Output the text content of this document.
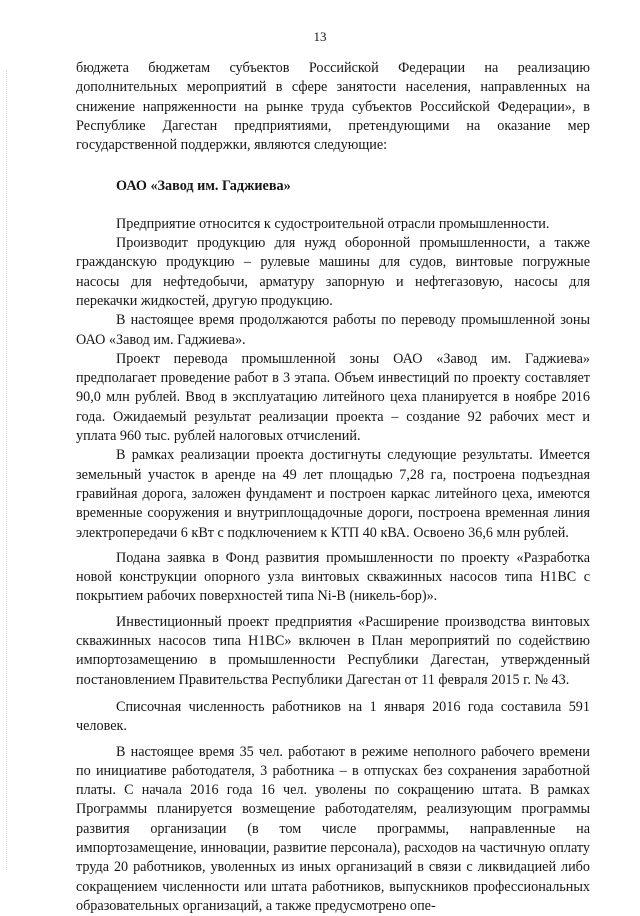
13

бюджета бюджетам субъектов Российской Федерации на реализацию дополнительных мероприятий в сфере занятости населения, направленных на снижение напряженности на рынке труда субъектов Российской Федерации», в Республике Дагестан предприятиями, претендующими на оказание мер государственной поддержки, являются следующие:

ОАО «Завод им. Гаджиева»

Предприятие относится к судостроительной отрасли промышленности.

Производит продукцию для нужд оборонной промышленности, а также гражданскую продукцию – рулевые машины для судов, винтовые погружные насосы для нефтедобычи, арматуру запорную и нефтегазовую, насосы для перекачки жидкостей, другую продукцию.

В настоящее время продолжаются работы по переводу промышленной зоны ОАО «Завод им. Гаджиева».

Проект перевода промышленной зоны ОАО «Завод им. Гаджиева» предполагает проведение работ в 3 этапа. Объем инвестиций по проекту составляет 90,0 млн рублей. Ввод в эксплуатацию литейного цеха планируется в ноябре 2016 года. Ожидаемый результат реализации проекта – создание 92 рабочих мест и уплата 960 тыс. рублей налоговых отчислений.

В рамках реализации проекта достигнуты следующие результаты. Имеется земельный участок в аренде на 49 лет площадью 7,28 га, построена подъездная гравийная дорога, заложен фундамент и построен каркас литейного цеха, имеются временные сооружения и внутриплощадочные дороги, построена временная линия электропередачи 6 кВт с подключением к КТП 40 кВА. Освоено 36,6 млн рублей.

Подана заявка в Фонд развития промышленности по проекту «Разработка новой конструкции опорного узла винтовых скважинных насосов типа Н1ВС с покрытием рабочих поверхностей типа Ni-B (никель-бор)».

Инвестиционный проект предприятия «Расширение производства винтовых скважинных насосов типа Н1ВС» включен в План мероприятий по содействию импортозамещению в промышленности Республики Дагестан, утвержденный постановлением Правительства Республики Дагестан от 11 февраля 2015 г. № 43.

Списочная численность работников на 1 января 2016 года составила 591 человек.

В настоящее время 35 чел. работают в режиме неполного рабочего времени по инициативе работодателя, 3 работника – в отпусках без сохранения заработной платы. С начала 2016 года 16 чел. уволены по сокращению штата. В рамках Программы планируется возмещение работодателям, реализующим программы развития организации (в том числе программы, направленные на импортозамещение, инновации, развитие персонала), расходов на частичную оплату труда 20 работников, уволенных из иных организаций в связи с ликвидацией либо сокращением численности или штата работников, выпускников профессиональных образовательных организаций, а также предусмотрено опе-
